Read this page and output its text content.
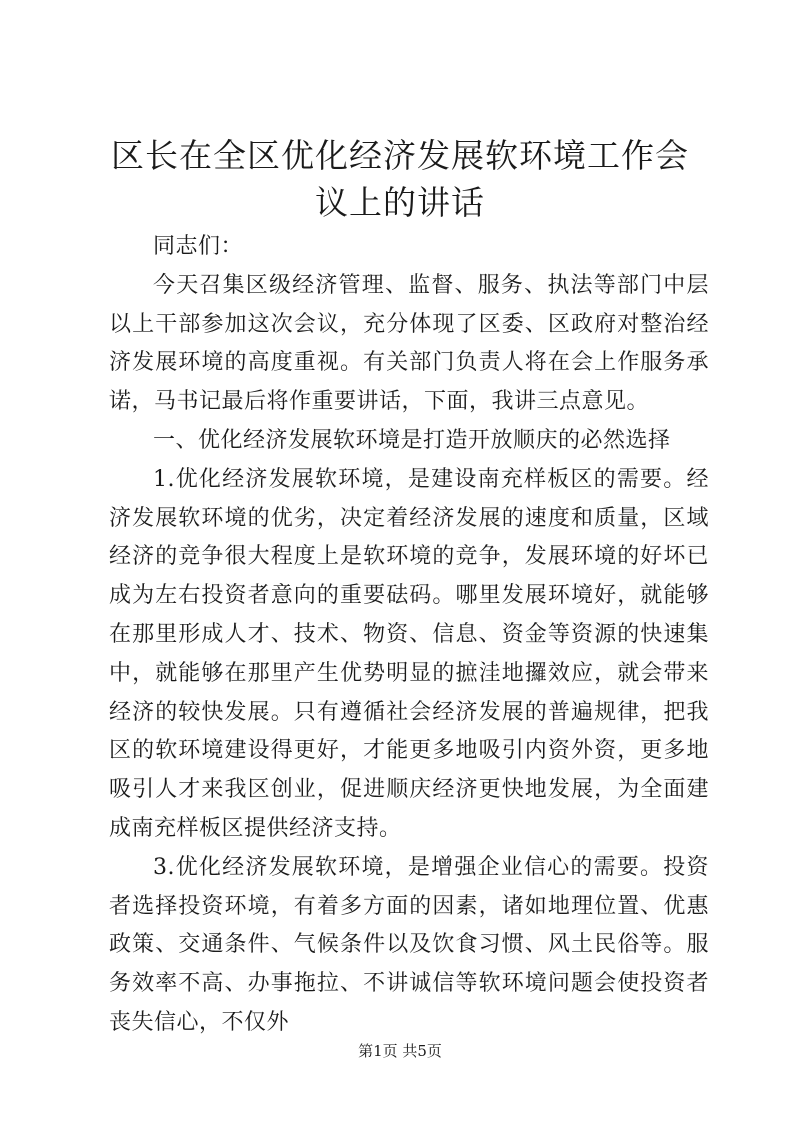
区长在全区优化经济发展软环境工作会议上的讲话

同志们：

今天召集区级经济管理、监督、服务、执法等部门中层以上干部参加这次会议，充分体现了区委、区政府对整治经济发展环境的高度重视。有关部门负责人将在会上作服务承诺，马书记最后将作重要讲话，下面，我讲三点意见。

一、优化经济发展软环境是打造开放顺庆的必然选择

1.优化经济发展软环境，是建设南充样板区的需要。经济发展软环境的优劣，决定着经济发展的速度和质量，区域经济的竞争很大程度上是软环境的竞争，发展环境的好坏已成为左右投资者意向的重要砝码。哪里发展环境好，就能够在那里形成人才、技术、物资、信息、资金等资源的快速集中，就能够在那里产生优势明显的摭洼地攞效应，就会带来经济的较快发展。只有遵循社会经济发展的普遍规律，把我区的软环境建设得更好，才能更多地吸引内资外资，更多地吸引人才来我区创业，促进顺庆经济更快地发展，为全面建成南充样板区提供经济支持。

3.优化经济发展软环境，是增强企业信心的需要。投资者选择投资环境，有着多方面的因素，诸如地理位置、优惠政策、交通条件、气候条件以及饮食习惯、风土民俗等。服务效率不高、办事拖拉、不讲诚信等软环境问题会使投资者丧失信心，不仅外

第1页 共5页
